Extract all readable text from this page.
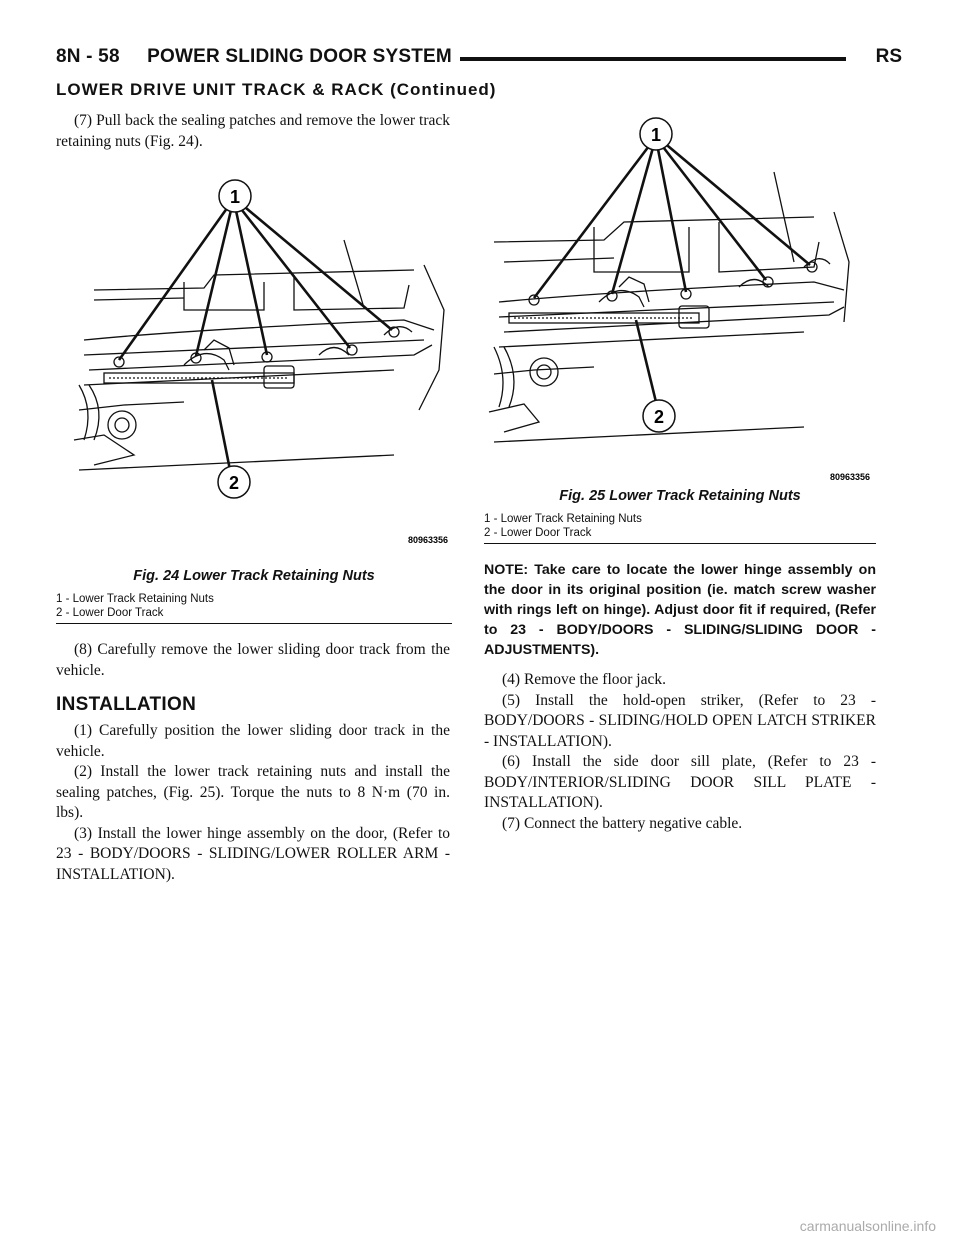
8N - 58     POWER SLIDING DOOR SYSTEM	RS
LOWER DRIVE UNIT TRACK & RACK (Continued)

(7) Pull back the sealing patches and remove the lower track retaining nuts (Fig. 24).

1
2
80963356
Fig. 24 Lower Track Retaining Nuts
1 - Lower Track Retaining Nuts
2 - Lower Door Track

(8) Carefully remove the lower sliding door track from the vehicle.

INSTALLATION

(1) Carefully position the lower sliding door track in the vehicle.

(2) Install the lower track retaining nuts and install the sealing patches, (Fig. 25). Torque the nuts to 8 N·m (70 in. lbs).

(3) Install the lower hinge assembly on the door, (Refer to 23 - BODY/DOORS - SLIDING/LOWER ROLLER ARM - INSTALLATION).

1
2
80963356
Fig. 25 Lower Track Retaining Nuts
1 - Lower Track Retaining Nuts
2 - Lower Door Track

NOTE: Take care to locate the lower hinge assembly on the door in its original position (ie. match screw washer with rings left on hinge). Adjust door fit if required, (Refer to 23 - BODY/DOORS - SLIDING/SLIDING DOOR - ADJUSTMENTS).

(4) Remove the floor jack.

(5) Install the hold-open striker, (Refer to 23 - BODY/DOORS - SLIDING/HOLD OPEN LATCH STRIKER - INSTALLATION).

(6) Install the side door sill plate, (Refer to 23 - BODY/INTERIOR/SLIDING DOOR SILL PLATE - INSTALLATION).

(7) Connect the battery negative cable.

carmanualsonline.info
